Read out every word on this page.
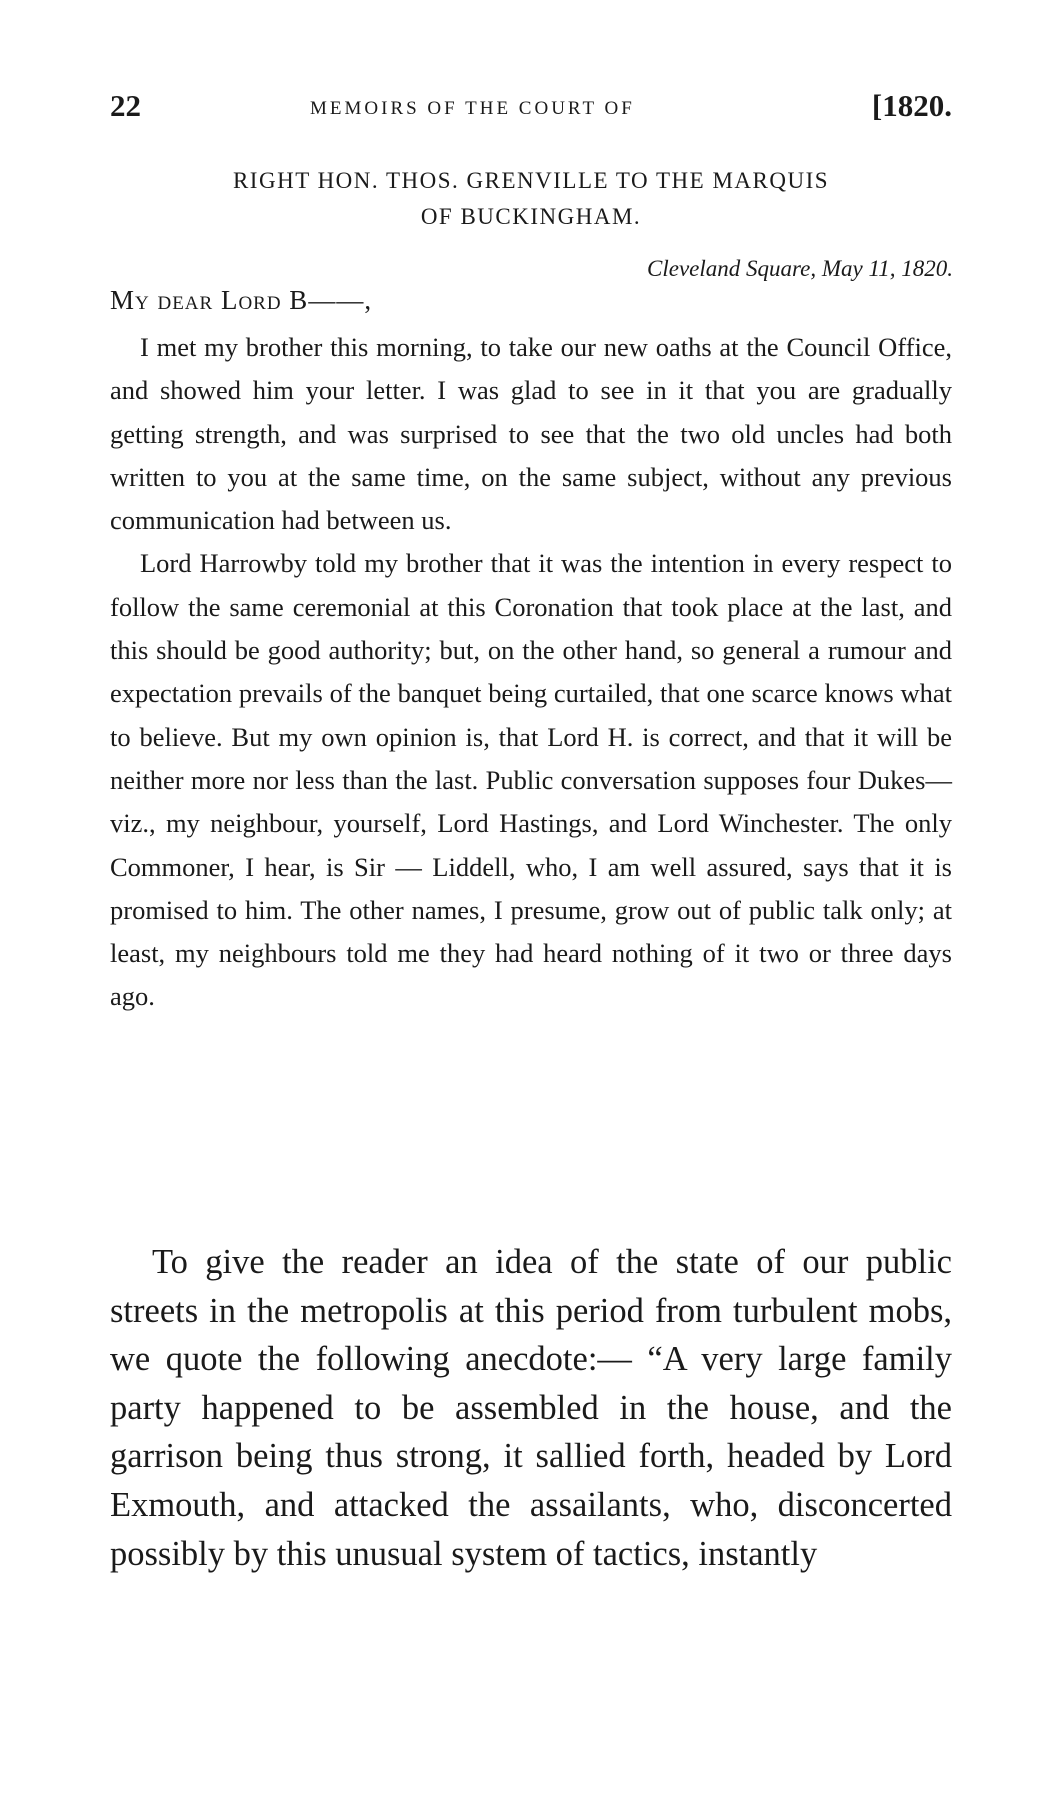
22	MEMOIRS OF THE COURT OF	[1820.
RIGHT HON. THOS. GRENVILLE TO THE MARQUIS
OF BUCKINGHAM.
Cleveland Square, May 11, 1820.
My dear Lord B——,

I met my brother this morning, to take our new oaths at the Council Office, and showed him your letter. I was glad to see in it that you are gradually getting strength, and was surprised to see that the two old uncles had both written to you at the same time, on the same subject, without any previous communication had between us.

Lord Harrowby told my brother that it was the intention in every respect to follow the same ceremonial at this Coronation that took place at the last, and this should be good authority; but, on the other hand, so general a rumour and expectation prevails of the banquet being curtailed, that one scarce knows what to believe. But my own opinion is, that Lord H. is correct, and that it will be neither more nor less than the last. Public conversation supposes four Dukes—viz., my neighbour, yourself, Lord Hastings, and Lord Winchester. The only Commoner, I hear, is Sir — Liddell, who, I am well assured, says that it is promised to him. The other names, I presume, grow out of public talk only; at least, my neighbours told me they had heard nothing of it two or three days ago.

To give the reader an idea of the state of our public streets in the metropolis at this period from turbulent mobs, we quote the following anecdote:— “A very large family party happened to be assembled in the house, and the garrison being thus strong, it sallied forth, headed by Lord Exmouth, and attacked the assailants, who, disconcerted possibly by this unusual system of tactics, instantly
